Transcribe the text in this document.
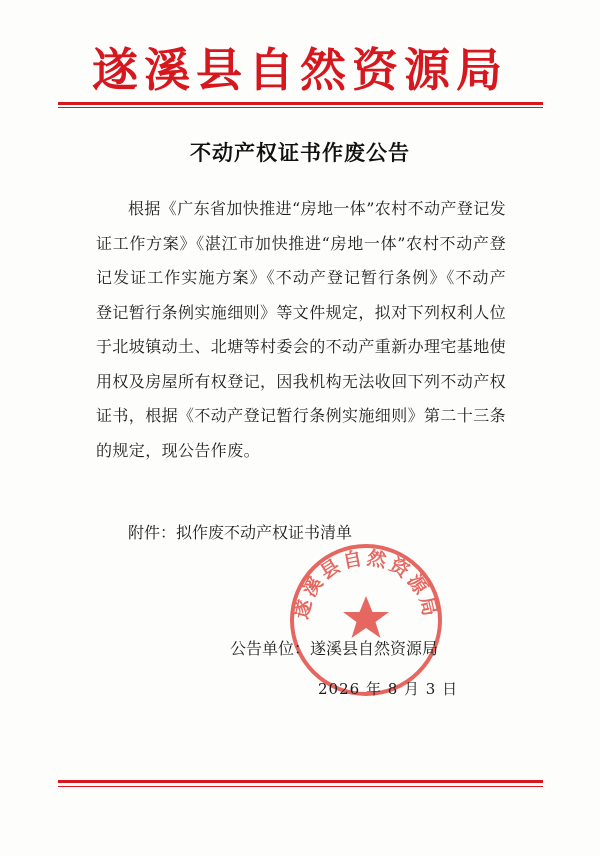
遂溪县自然资源局
不动产权证书作废公告
根据《广东省加快推进“房地一体”农村不动产登记发证工作方案》《湛江市加快推进“房地一体”农村不动产登记发证工作实施方案》《不动产登记暂行条例》《不动产登记暂行条例实施细则》等文件规定，拟对下列权利人位于北坡镇动土、北塘等村委会的不动产重新办理宅基地使用权及房屋所有权登记，因我机构无法收回下列不动产权证书，根据《不动产登记暂行条例实施细则》第二十三条的规定，现公告作废。
附件：拟作废不动产权证书清单
遂溪县自然资源局
公告单位：遂溪县自然资源局
2026 年 8 月 3 日
